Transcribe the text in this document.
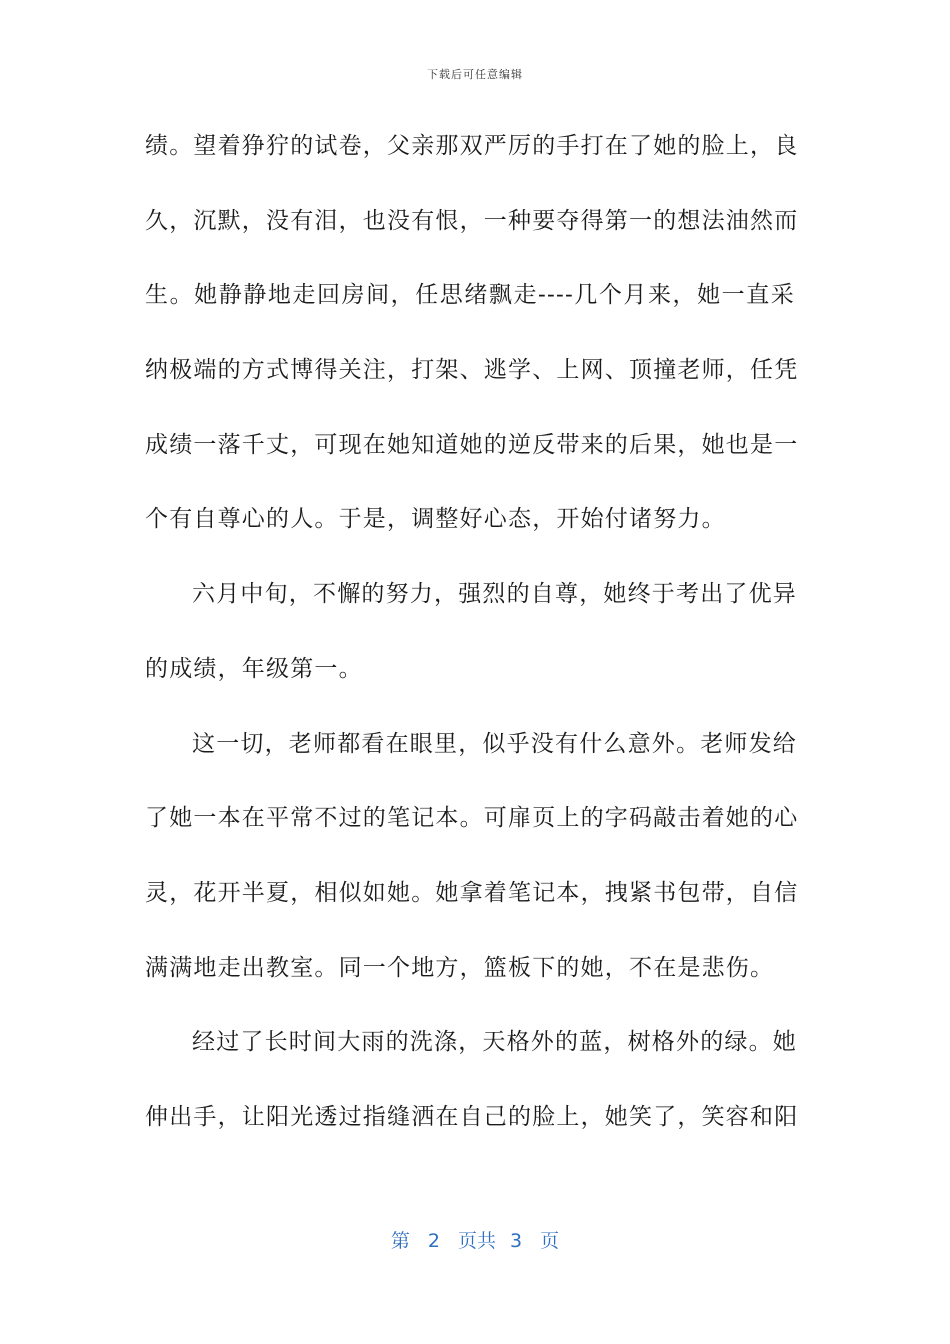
下载后可任意编辑
绩。望着狰狞的试卷，父亲那双严厉的手打在了她的脸上，良
久，沉默，没有泪，也没有恨，一种要夺得第一的想法油然而
生。她静静地走回房间，任思绪飘走----几个月来，她一直采
纳极端的方式博得关注，打架、逃学、上网、顶撞老师，任凭
成绩一落千丈，可现在她知道她的逆反带来的后果，她也是一
个有自尊心的人。于是，调整好心态，开始付诸努力。
六月中旬，不懈的努力，强烈的自尊，她终于考出了优异
的成绩，年级第一。
这一切，老师都看在眼里，似乎没有什么意外。老师发给
了她一本在平常不过的笔记本。可扉页上的字码敲击着她的心
灵，花开半夏，相似如她。她拿着笔记本，拽紧书包带，自信
满满地走出教室。同一个地方，篮板下的她，不在是悲伤。
经过了长时间大雨的洗涤，天格外的蓝，树格外的绿。她
伸出手，让阳光透过指缝洒在自己的脸上，她笑了，笑容和阳
第 2 页共 3 页
